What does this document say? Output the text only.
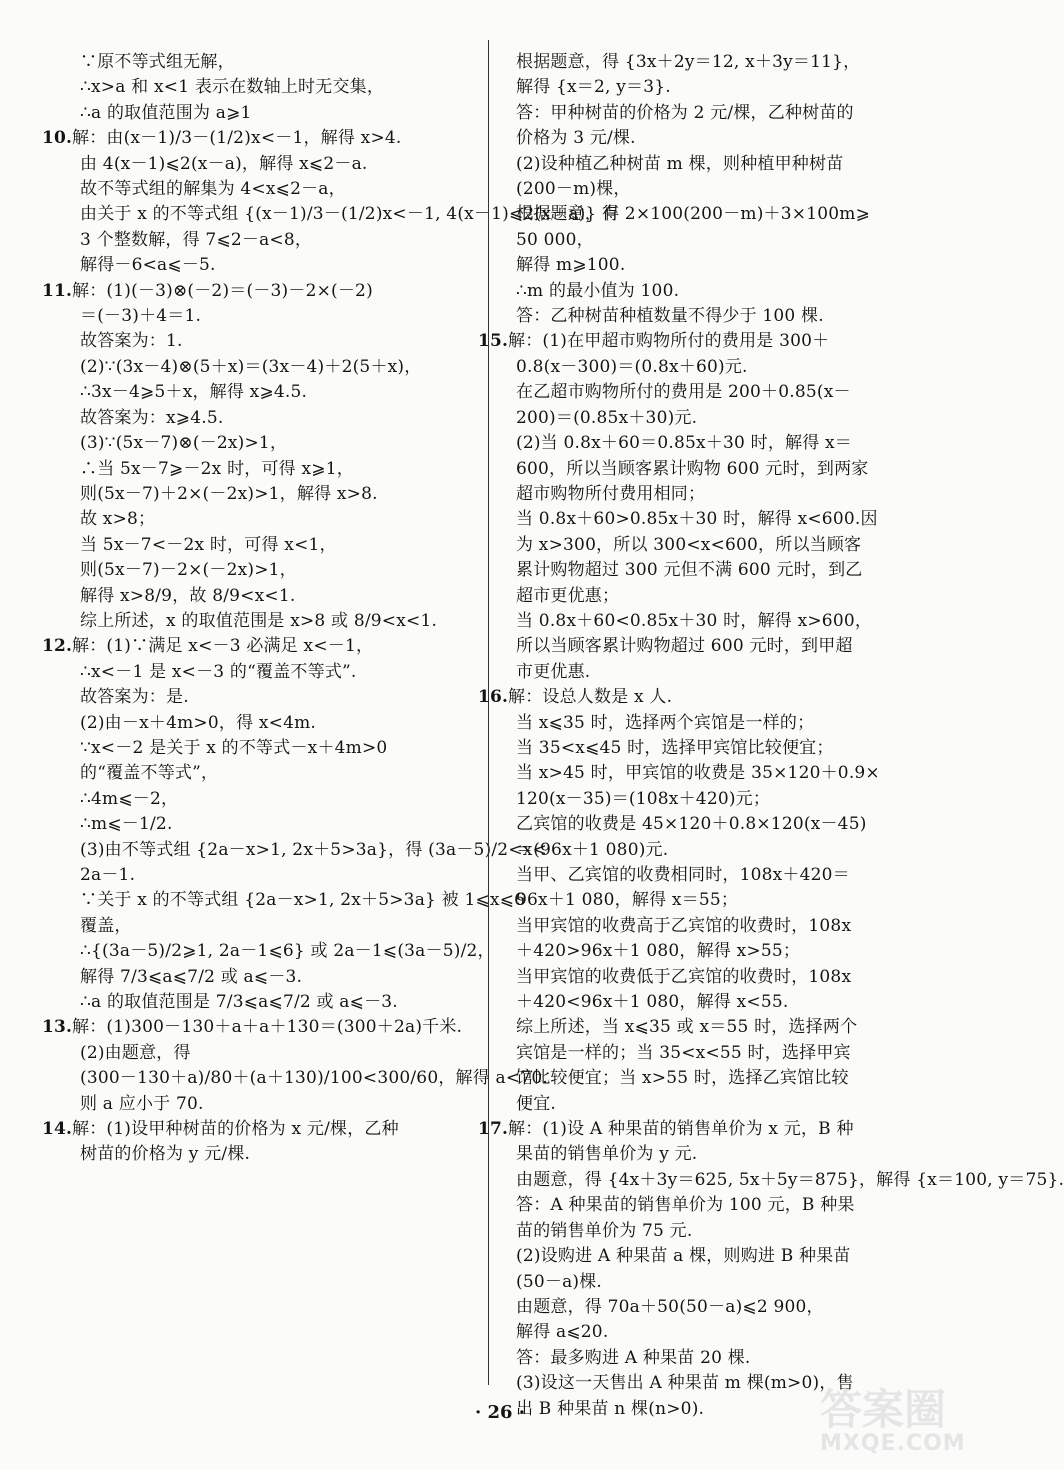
∵原不等式组无解，
∴x>a 和 x<1 表示在数轴上时无交集，
∴a 的取值范围为 a⩾1
10.解：由(x－1)/3－(1/2)x<－1，解得 x>4.
由 4(x－1)⩽2(x－a)，解得 x⩽2－a.
故不等式组的解集为 4<x⩽2－a，
由关于 x 的不等式组 {(x－1)/3－(1/2)x<－1, 4(x－1)⩽2(x－a)} 有
3 个整数解，得 7⩽2－a<8，
解得－6<a⩽－5.
11.解：(1)(－3)⊗(－2)＝(－3)－2×(－2)
＝(－3)＋4＝1.
故答案为：1.
(2)∵(3x－4)⊗(5＋x)＝(3x－4)＋2(5＋x)，
∴3x－4⩾5＋x，解得 x⩾4.5.
故答案为：x⩾4.5.
(3)∵(5x－7)⊗(－2x)>1，
∴当 5x－7⩾－2x 时，可得 x⩾1，
则(5x－7)＋2×(－2x)>1，解得 x>8.
故 x>8；
当 5x－7<－2x 时，可得 x<1，
则(5x－7)－2×(－2x)>1，
解得 x>8/9，故 8/9<x<1.
综上所述，x 的取值范围是 x>8 或 8/9<x<1.
12.解：(1)∵满足 x<－3 必满足 x<－1，
∴x<－1 是 x<－3 的“覆盖不等式”.
故答案为：是.
(2)由－x＋4m>0，得 x<4m.
∵x<－2 是关于 x 的不等式－x＋4m>0
的“覆盖不等式”，
∴4m⩽－2，
∴m⩽－1/2.
(3)由不等式组 {2a－x>1, 2x＋5>3a}，得 (3a－5)/2<x<
2a－1.
∵关于 x 的不等式组 {2a－x>1, 2x＋5>3a} 被 1⩽x⩽6
覆盖，
∴{(3a－5)/2⩾1, 2a－1⩽6} 或 2a－1⩽(3a－5)/2，
解得 7/3⩽a⩽7/2 或 a⩽－3.
∴a 的取值范围是 7/3⩽a⩽7/2 或 a⩽－3.
13.解：(1)300－130＋a＋a＋130＝(300＋2a)千米.
(2)由题意，得
(300－130＋a)/80＋(a＋130)/100<300/60，解得 a<70.
则 a 应小于 70.
14.解：(1)设甲种树苗的价格为 x 元/棵，乙种
树苗的价格为 y 元/棵.
根据题意，得 {3x＋2y＝12, x＋3y＝11}，
解得 {x＝2, y＝3}.
答：甲种树苗的价格为 2 元/棵，乙种树苗的
价格为 3 元/棵.
(2)设种植乙种树苗 m 棵，则种植甲种树苗
(200－m)棵，
根据题意，得 2×100(200－m)＋3×100m⩾
50 000，
解得 m⩾100.
∴m 的最小值为 100.
答：乙种树苗种植数量不得少于 100 棵.
15.解：(1)在甲超市购物所付的费用是 300＋
0.8(x－300)＝(0.8x＋60)元.
在乙超市购物所付的费用是 200＋0.85(x－
200)＝(0.85x＋30)元.
(2)当 0.8x＋60＝0.85x＋30 时，解得 x＝
600，所以当顾客累计购物 600 元时，到两家
超市购物所付费用相同；
当 0.8x＋60>0.85x＋30 时，解得 x<600.因
为 x>300，所以 300<x<600，所以当顾客
累计购物超过 300 元但不满 600 元时，到乙
超市更优惠；
当 0.8x＋60<0.85x＋30 时，解得 x>600，
所以当顾客累计购物超过 600 元时，到甲超
市更优惠.
16.解：设总人数是 x 人.
当 x⩽35 时，选择两个宾馆是一样的；
当 35<x⩽45 时，选择甲宾馆比较便宜；
当 x>45 时，甲宾馆的收费是 35×120＋0.9×
120(x－35)＝(108x＋420)元；
乙宾馆的收费是 45×120＋0.8×120(x－45)
＝(96x＋1 080)元.
当甲、乙宾馆的收费相同时，108x＋420＝
96x＋1 080，解得 x＝55；
当甲宾馆的收费高于乙宾馆的收费时，108x
＋420>96x＋1 080，解得 x>55；
当甲宾馆的收费低于乙宾馆的收费时，108x
＋420<96x＋1 080，解得 x<55.
综上所述，当 x⩽35 或 x＝55 时，选择两个
宾馆是一样的；当 35<x<55 时，选择甲宾
馆比较便宜；当 x>55 时，选择乙宾馆比较
便宜.
17.解：(1)设 A 种果苗的销售单价为 x 元，B 种
果苗的销售单价为 y 元.
由题意，得 {4x＋3y＝625, 5x＋5y＝875}，解得 {x＝100, y＝75}.
答：A 种果苗的销售单价为 100 元，B 种果
苗的销售单价为 75 元.
(2)设购进 A 种果苗 a 棵，则购进 B 种果苗
(50－a)棵.
由题意，得 70a＋50(50－a)⩽2 900，
解得 a⩽20.
答：最多购进 A 种果苗 20 棵.
(3)设这一天售出 A 种果苗 m 棵(m>0)，售
出 B 种果苗 n 棵(n>0).
· 26 ·	答案圈
MXQE.COM
